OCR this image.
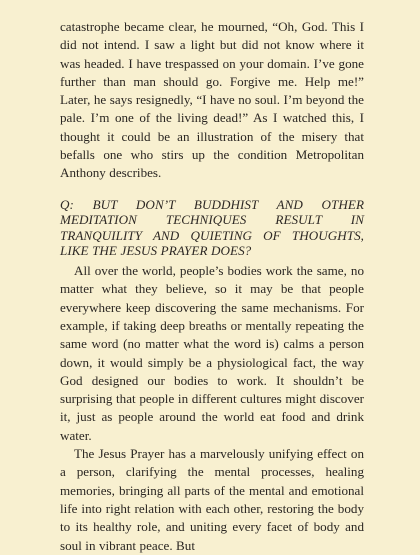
catastrophe became clear, he mourned, “Oh, God. This I did not intend. I saw a light but did not know where it was headed. I have trespassed on your domain. I’ve gone further than man should go. Forgive me. Help me!” Later, he says resignedly, “I have no soul. I’m beyond the pale. I’m one of the living dead!” As I watched this, I thought it could be an illustration of the misery that befalls one who stirs up the condition Metropolitan Anthony describes.

Q: BUT DON’T BUDDHIST AND OTHER MEDITATION TECHNIQUES RESULT IN TRANQUILITY AND QUIETING OF THOUGHTS, LIKE THE JESUS PRAYER DOES?

All over the world, people’s bodies work the same, no matter what they believe, so it may be that people everywhere keep discovering the same mechanisms. For example, if taking deep breaths or mentally repeating the same word (no matter what the word is) calms a person down, it would simply be a physiological fact, the way God designed our bodies to work. It shouldn’t be surprising that people in different cultures might discover it, just as people around the world eat food and drink water.

The Jesus Prayer has a marvelously unifying effect on a person, clarifying the mental processes, healing memories, bringing all parts of the mental and emotional life into right relation with each other, restoring the body to its healthy role, and uniting every facet of body and soul in vibrant peace. But
